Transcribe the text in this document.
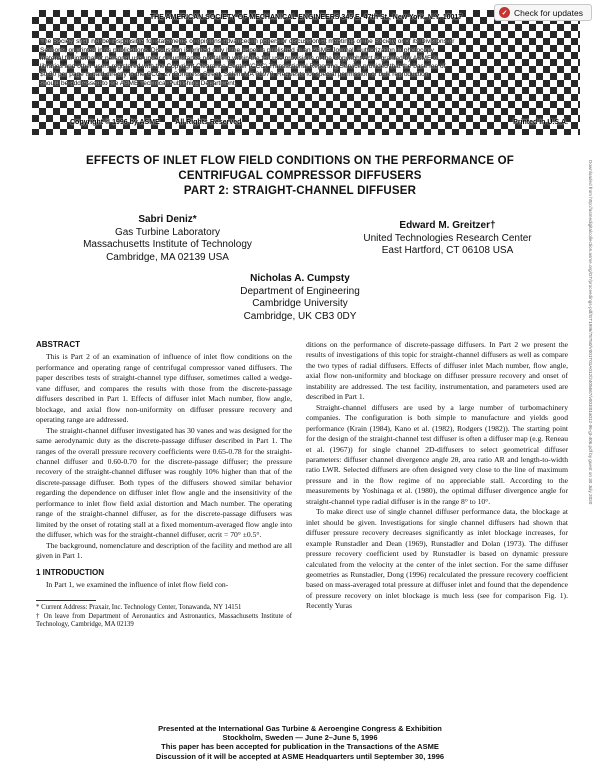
THE AMERICAN SOCIETY OF MECHANICAL ENGINEERS 345 E. 47th St., New York, N.Y. 10017
The Society shall not be responsible for statements or opinions advanced in papers or discussion at meetings of the Society or of its Divisions or
Sections, or printed in its publications. Discussion is printed only if the paper is published in an ASME Journal. Authorization to photocopy
material for internal or personal use under circumstance not falling within the fair use provisions of the Copyright Act is granted by ASME to
libraries and other users registered with the Copyright Clearance Center (CCC) Transactional Reporting Service provided that the base fee of
$0.30 per page is paid directly to the CCC, 27 Congress Street, Salem MA 01970. Requests for special permission or bulk reproduction
should be addressed to the ASME Technical Publishing Department.
Copyright © 1996 by ASME All Rights Reserved	Printed in U.S.A.
✓ Check for updates
Downloaded from http://asmedigitalcollection.asme.org/GT/proceedings-pdf/GT1996/78750/V001T01A012/2405667/v001t01a012-96-gt-406.pdf by guest on 30 July 2020
EFFECTS OF INLET FLOW FIELD CONDITIONS ON THE PERFORMANCE OF
CENTRIFUGAL COMPRESSOR DIFFUSERS
PART 2: STRAIGHT-CHANNEL DIFFUSER
Sabri Deniz*
Gas Turbine Laboratory
Massachusetts Institute of Technology
Cambridge, MA 02139 USA
Edward M. Greitzer†
United Technologies Research Center
East Hartford, CT 06108 USA
Nicholas A. Cumpsty
Department of Engineering
Cambridge University
Cambridge, UK CB3 0DY
ABSTRACT

This is Part 2 of an examination of influence of inlet flow conditions on the performance and operating range of centrifugal compressor vaned diffusers. The paper describes tests of straight-channel type diffuser, sometimes called a wedge-vane diffuser, and compares the results with those from the discrete-passage diffusers described in Part 1. Effects of diffuser inlet Mach number, flow angle, blockage, and axial flow non-uniformity on diffuser pressure recovery and operating range are addressed.

The straight-channel diffuser investigated has 30 vanes and was designed for the same aerodynamic duty as the discrete-passage diffuser described in Part 1. The ranges of the overall pressure recovery coefficients were 0.65-0.78 for the straight-channel diffuser and 0.60-0.70 for the discrete-passage diffuser; the pressure recovery of the straight-channel diffuser was roughly 10% higher than that of the discrete-passage diffuser. Both types of the diffusers showed similar behavior regarding the dependence on diffuser inlet flow angle and the insensitivity of the performance to inlet flow field axial distortion and Mach number. The operating range of the straight-channel diffuser, as for the discrete-passage diffusers was limited by the onset of rotating stall at a fixed momentum-averaged flow angle into the diffuser, which was for the straight-channel diffuser, αcrit = 70° ±0.5°.

The background, nomenclature and description of the facility and method are all given in Part 1.

1 INTRODUCTION

In Part 1, we examined the influence of inlet flow field con-

* Current Address: Praxair, Inc. Technology Center, Tonawanda, NY 14151
† On leave from Department of Aeronautics and Astronautics, Massachusetts Institute of Technology, Cambridge, MA 02139

ditions on the performance of discrete-passage diffusers. In Part 2 we present the results of investigations of this topic for straight-channel diffusers as well as compare the two types of radial diffusers. Effects of diffuser inlet Mach number, flow angle, axial flow non-uniformity and blockage on diffuser pressure recovery and onset of instability are addressed. The test facility, instrumentation, and parameters used are described in Part 1.

Straight-channel diffusers are used by a large number of turbomachinery companies. The configuration is both simple to manufacture and yields good performance (Krain (1984), Kano et al. (1982), Rodgers (1982)). The starting point for the design of the straight-channel test diffuser is often a diffuser map (e.g. Reneau et al. (1967)) for single channel 2D-diffusers to select geometrical diffuser parameters: diffuser channel divergence angle 2θ, area ratio AR and length-to-width ratio LWR. Selected diffusers are often designed very close to the line of maximum pressure and in the flow regime of no appreciable stall. According to the measurements by Yoshinaga et al. (1980), the optimal diffuser divergence angle for straight-channel type radial diffuser is in the range 8° to 10°.

To make direct use of single channel diffuser performance data, the blockage at inlet should be given. Investigations for single channel diffusers had shown that diffuser pressure recovery decreases significantly as inlet blockage increases, for example Runstadler and Dean (1969), Runstadler and Dolan (1973). The diffuser pressure recovery coefficient used by Runstadler is based on dynamic pressure calculated from the velocity at the center of the inlet section. For the same diffuser geometries as Runstadler, Dong (1996) recalculated the pressure recovery coefficient based on mass-averaged total pressure at diffuser inlet and found that the dependence of pressure recovery on inlet blockage is much less (see for comparison Fig. 1). Recently Yuras

Presented at the International Gas Turbine & Aeroengine Congress & Exhibition
Stockholm, Sweden — June 2–June 5, 1996
This paper has been accepted for publication in the Transactions of the ASME
Discussion of it will be accepted at ASME Headquarters until September 30, 1996
